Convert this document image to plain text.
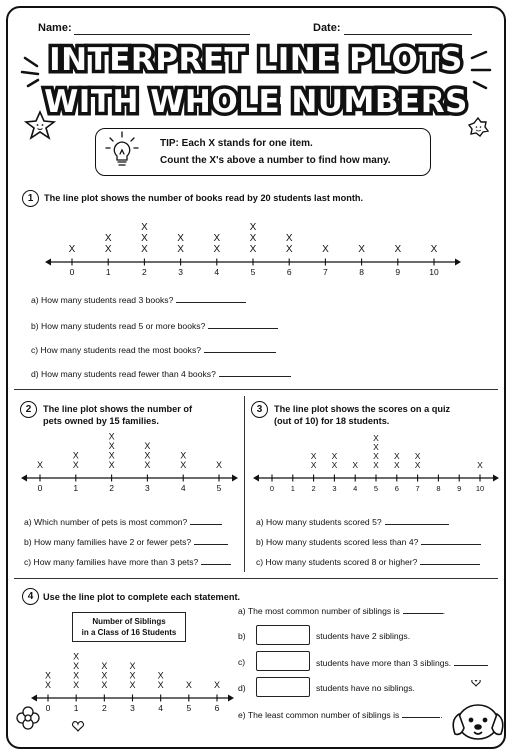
Name:	Date:
INTERPRET LINE PLOTS
WITH WHOLE NUMBERS
TIP: Each X stands for one item.
Count the X's above a number to find how many.
1	The line plot shows the number of books read by 20 students last month.
0
X
1
X
X
2
X
X
X
3
X
X
4
X
X
5
X
X
X
6
X
X
7
X
8
X
9
X
10
X
a) How many students read 3 books?
b) How many students read 5 or more books?
c) How many students read the most books?
d) How many students read fewer than 4 books?
2	The line plot shows the number of
pets owned by 15 families.
0
X
1
X
X
2
X
X
X
X
3
X
X
X
4
X
X
5
X
a) Which number of pets is most common?
b) How many families have 2 or fewer pets?
c) How many families have more than 3 pets?
3	The line plot shows the scores on a quiz
(out of 10) for 18 students.
0 1 2
X
X
3
X
X
4
X
5
X
X
X
X
6
X
X
7
X
X
8 9 10
X
a) How many students scored 5?
b) How many students scored less than 4?
c) How many students scored 8 or higher?
4	Use the line plot to complete each statement.
Number of Siblings
in a Class of 16 Students
0
X
X
1
X
X
X
X
2
X
X
X
3
X
X
X
4
X
X
5
X
6
X
a) The most common number of siblings is	.
b)	students have 2 siblings.
c)	students have more than 3 siblings.
d)	students have no siblings.
e) The least common number of siblings is	.
